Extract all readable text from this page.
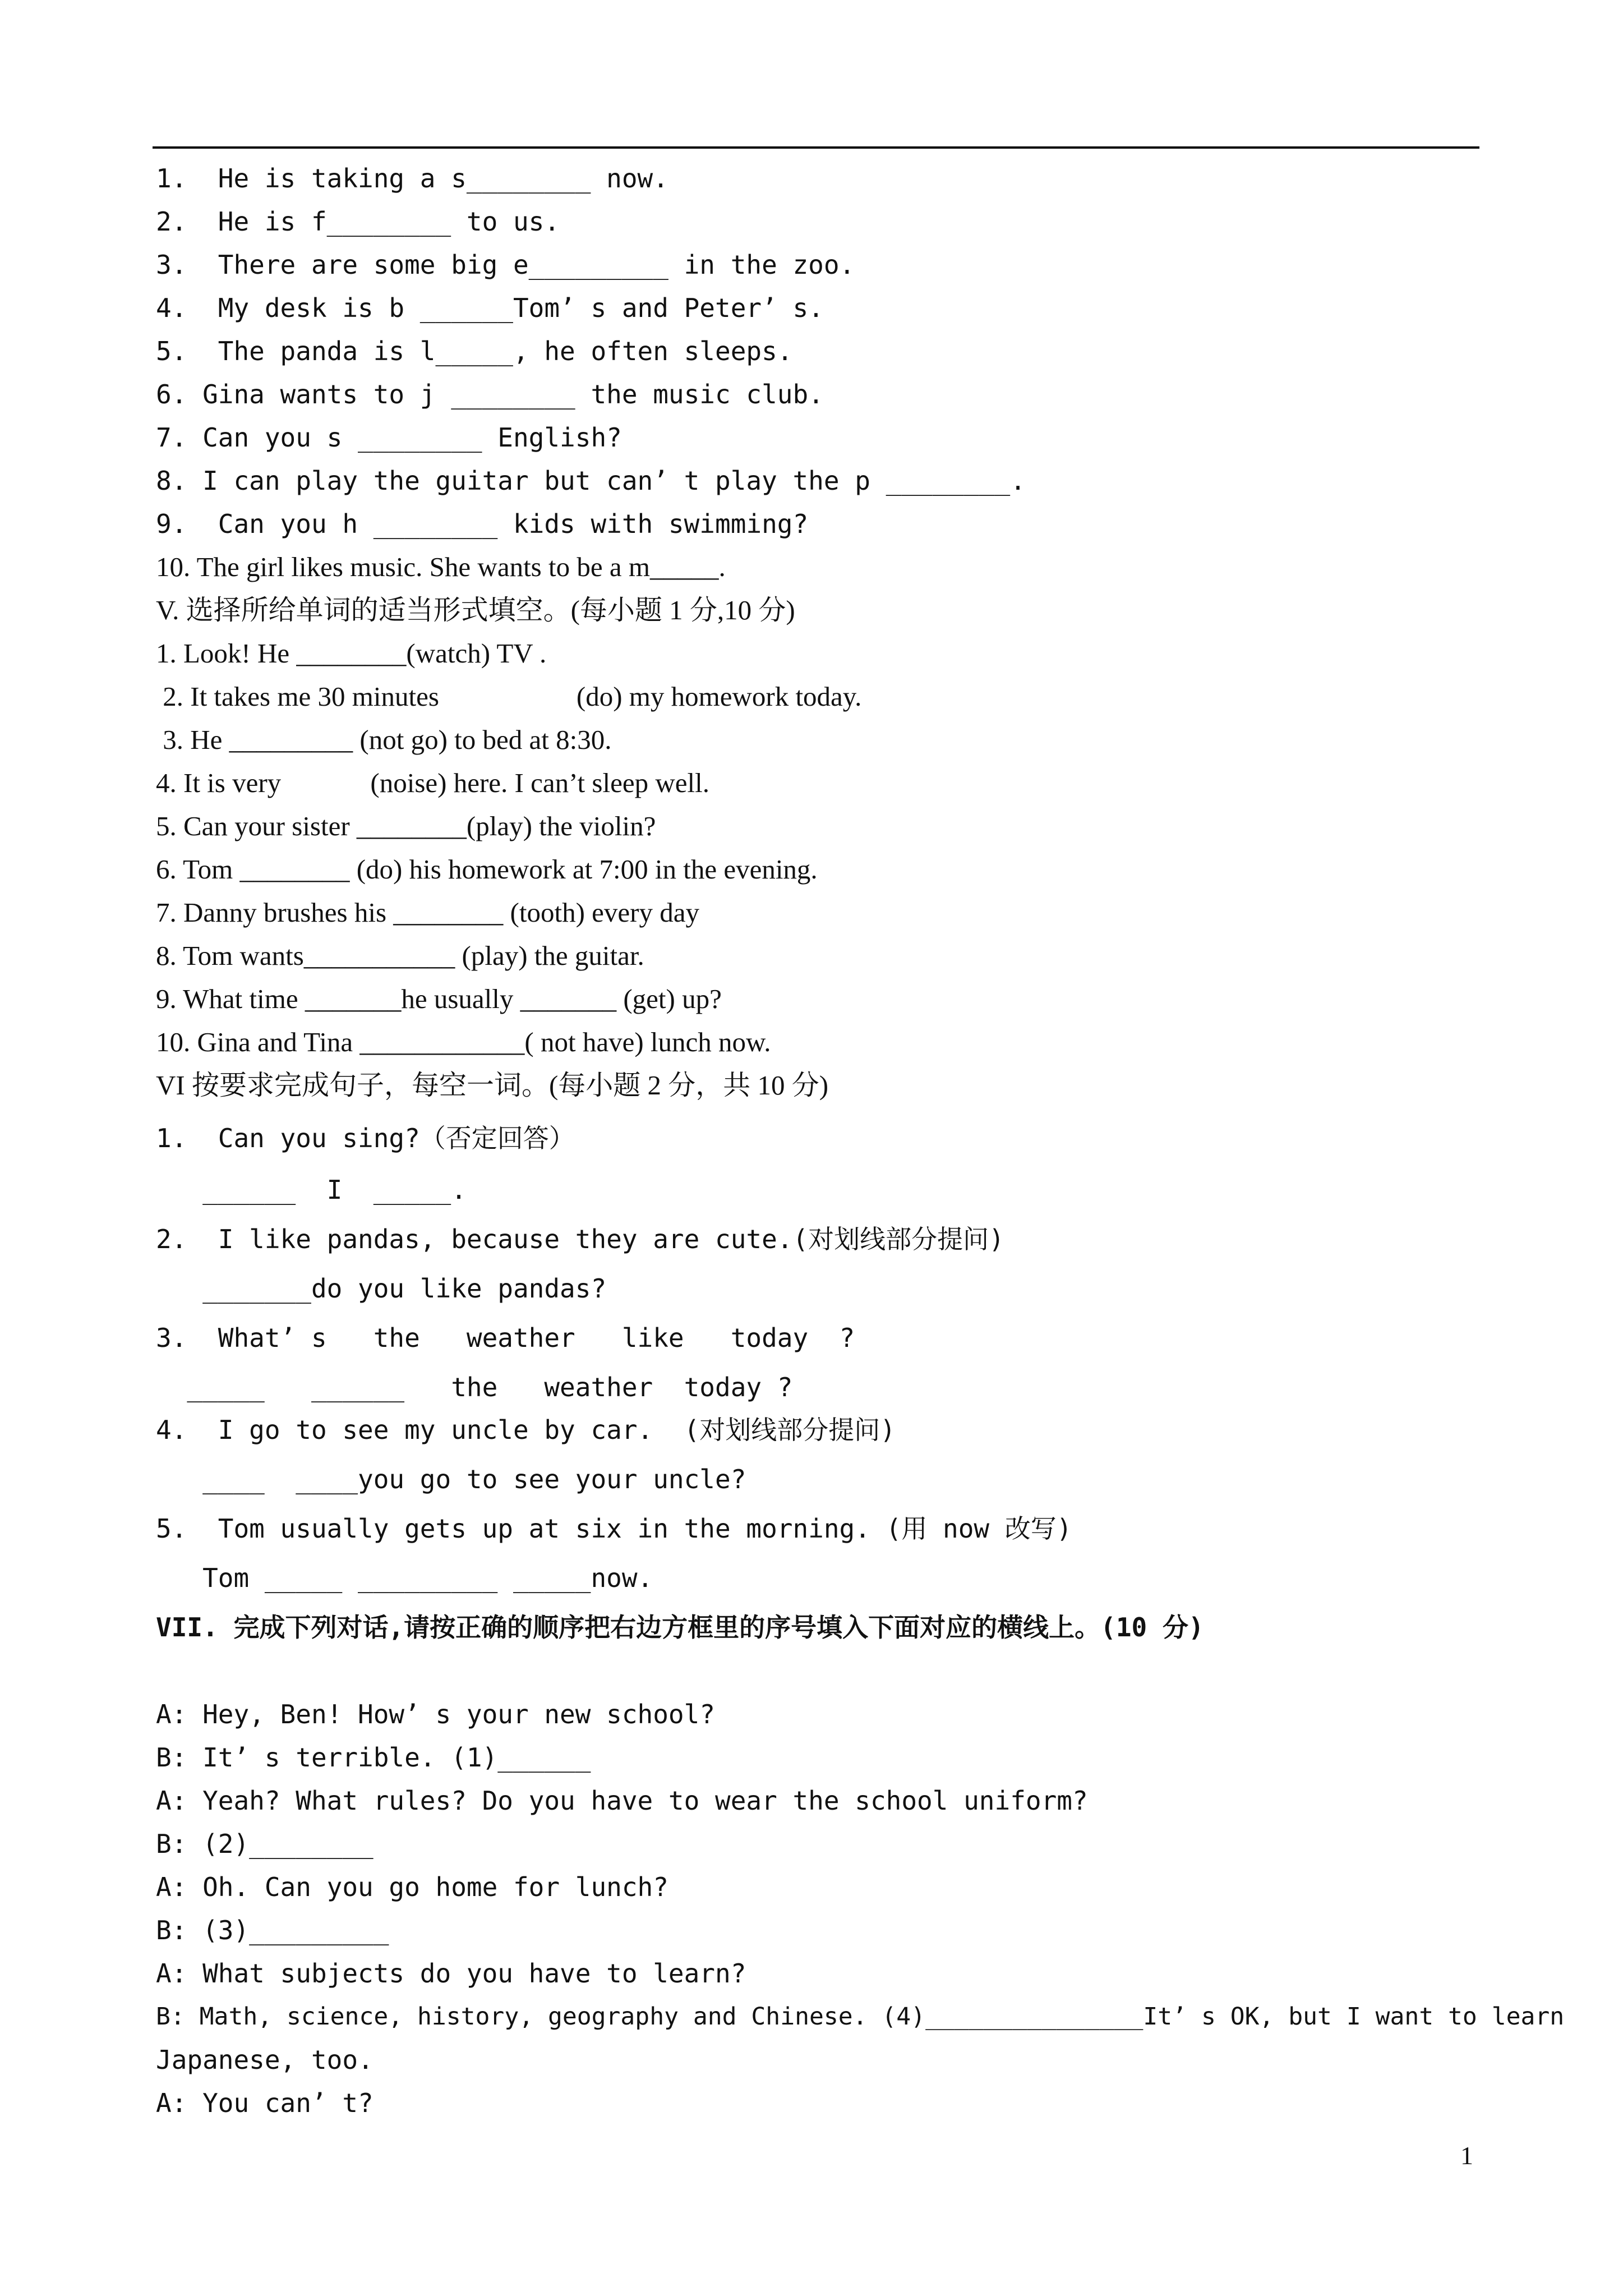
1.  He is taking a s________ now.
2.  He is f________ to us.
3.  There are some big e_________ in the zoo.
4.  My desk is b ______Tom’ s and Peter’ s.
5.  The panda is l_____, he often sleeps.
6. Gina wants to j ________ the music club.
7. Can you s ________ English?
8. I can play the guitar but can’ t play the p ________.
9.  Can you h ________ kids with swimming?
10. The girl likes music. She wants to be a m_____.
V. 选择所给单词的适当形式填空。(每小题 1 分,10 分)
1. Look! He ________(watch) TV .
2. It takes me 30 minutes                    (do) my homework today.
3. He _________ (not go) to bed at 8:30.
4. It is very             (noise) here. I can’t sleep well.
5. Can your sister ________(play) the violin?
6. Tom ________ (do) his homework at 7:00 in the evening.
7. Danny brushes his ________ (tooth) every day
8. Tom wants___________ (play) the guitar.
9. What time _______he usually _______ (get) up?
10. Gina and Tina ____________( not have) lunch now.
VI 按要求完成句子，每空一词。(每小题 2 分，共 10 分)
1.  Can you sing?（否定回答）
______  I  _____.
2.  I like pandas, because they are cute.(对划线部分提问)
_______do you like pandas?
3.  What’ s   the   weather   like   today  ?
_____   ______   the   weather  today ?
4.  I go to see my uncle by car.  (对划线部分提问)
____  ____you go to see your uncle?
5.  Tom usually gets up at six in the morning. (用 now 改写)
Tom _____ _________ _____now.
VII. 完成下列对话,请按正确的顺序把右边方框里的序号填入下面对应的横线上。(10 分)
A: Hey, Ben! How’ s your new school?
B: It’ s terrible. (1)______
A: Yeah? What rules? Do you have to wear the school uniform?
B: (2)________
A: Oh. Can you go home for lunch?
B: (3)_________
A: What subjects do you have to learn?
B: Math, science, history, geography and Chinese. (4)_______________It’ s OK, but I want to learn
Japanese, too.
A: You can’ t?
1
